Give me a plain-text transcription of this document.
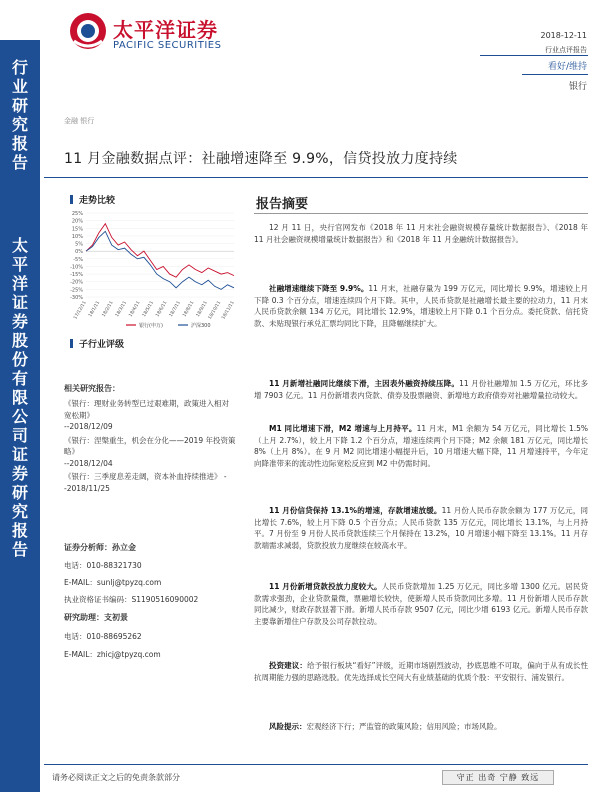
行
业
研
究
报
告
太
平
洋
证
券
股
份
有
限
公
司
证
券
研
究
报
告
太平洋证券
PACIFIC SECURITIES
2018-12-11
行业点评报告
看好/维持
银行
金融 银行
11 月金融数据点评：社融增速降至 9.9%，信贷投放力度持续
走势比较
25%
20%
15%
10%
5%
0%
-5%
-10%
-15%
-20%
-25%
-30%
17/12/11 18/1/11 18/2/11 18/3/11 18/4/11 18/5/11 18/6/11 18/7/11 18/8/11 18/9/11 18/10/11 18/11/11
银行(申万)	沪深300
子行业评级
相关研究报告：
《银行：理财业务转型已过艰难期，政策进入相对宽松期》
--2018/12/09
《银行：涅槃重生，机会在分化——2019 年投资策略》
--2018/12/04
《银行：三季度息差走阔，资本补血持续推进》 --2018/11/25
证券分析师：孙立金
电话：010-88321730
E-MAIL：sunlj@tpyzq.com
执业资格证书编码：S1190516090002
研究助理：支初景
电话：010-88695262
E-MAIL：zhicj@tpyzq.com
报告摘要
12 月 11 日，央行官网发布《2018 年 11 月末社会融资规模存量统计数据报告》、《2018 年 11 月社会融资规模增量统计数据报告》和《2018 年 11 月金融统计数据报告》。
社融增速继续下降至 9.9%。11 月末，社融存量为 199 万亿元，同比增长 9.9%，增速较上月下降 0.3 个百分点，增速连续四个月下降。其中，人民币贷款是社融增长最主要的拉动力，11 月末人民币贷款余额 134 万亿元，同比增长 12.9%，增速较上月下降 0.1 个百分点。委托贷款、信托贷款、未贴现银行承兑汇票均同比下降，且降幅继续扩大。
11 月新增社融同比继续下滑，主因表外融资持续压降。11 月份社融增加 1.5 万亿元，环比多增 7903 亿元。11 月份新增表内贷款、债券及股票融资、新增地方政府债券对社融增量拉动较大。
M1 同比增速下滑，M2 增速与上月持平。11 月末，M1 余额为 54 万亿元，同比增长 1.5%（上月 2.7%），较上月下降 1.2 个百分点，增速连续两个月下降；M2 余额 181 万亿元，同比增长 8%（上月 8%）。在 9 月 M2 同比增速小幅提升后，10 月增速大幅下降，11 月增速持平，今年定向降准带来的流动性边际宽松反应到 M2 中仍需时间。
11 月份信贷保持 13.1%的增速，存款增速放缓。11 月份人民币存款余额为 177 万亿元，同比增长 7.6%，较上月下降 0.5 个百分点；人民币贷款 135 万亿元，同比增长 13.1%，与上月持平。7 月份至 9 月份人民币贷款连续三个月保持在 13.2%，10 月增速小幅下降至 13.1%。11 月存款端需求减弱，贷款投放力度继续在较高水平。
11 月份新增贷款投放力度较大。人民币贷款增加 1.25 万亿元，同比多增 1300 亿元。居民贷款需求强劲，企业贷款量微，票融增长较快，使新增人民币贷款同比多增。11 月份新增人民币存款同比减少，财政存款显著下滑。新增人民币存款 9507 亿元，同比少增 6193 亿元。新增人民币存款主要靠新增住户存款及公司存款拉动。
投资建议：给予银行板块“看好”评级，近期市场剧烈波动，抄底思维不可取，偏向于从有成长性抗周期能力强的思路选股。优先选择成长空间大有业绩基础的优质个股：平安银行、浦发银行。
风险提示：宏观经济下行；严监管的政策风险；信用风险；市场风险。
请务必阅读正文之后的免责条款部分	守正 出奇 宁静 致远
